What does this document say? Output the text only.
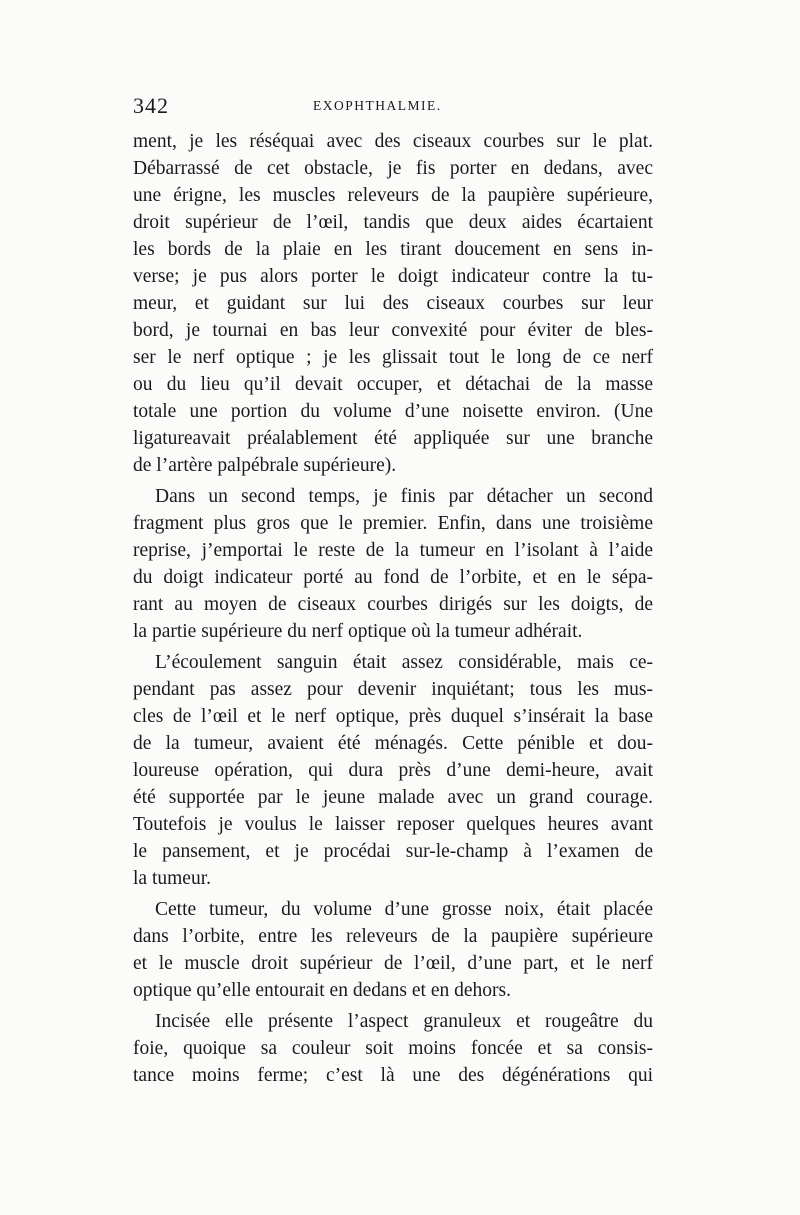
342	EXOPHTHALMIE.
ment, je les réséquai avec des ciseaux courbes sur le plat.
Débarrassé de cet obstacle, je fis porter en dedans, avec
une érigne, les muscles releveurs de la paupière supérieure,
droit supérieur de l’œil, tandis que deux aides écartaient
les bords de la plaie en les tirant doucement en sens in-
verse; je pus alors porter le doigt indicateur contre la tu-
meur, et guidant sur lui des ciseaux courbes sur leur
bord, je tournai en bas leur convexité pour éviter de bles-
ser le nerf optique ; je les glissait tout le long de ce nerf
ou du lieu qu’il devait occuper, et détachai de la masse
totale une portion du volume d’une noisette environ. (Une
ligatureavait préalablement été appliquée sur une branche
de l’artère palpébrale supérieure).
Dans un second temps, je finis par détacher un second
fragment plus gros que le premier. Enfin, dans une troisième
reprise, j’emportai le reste de la tumeur en l’isolant à l’aide
du doigt indicateur porté au fond de l’orbite, et en le sépa-
rant au moyen de ciseaux courbes dirigés sur les doigts, de
la partie supérieure du nerf optique où la tumeur adhérait.
L’écoulement sanguin était assez considérable, mais ce-
pendant pas assez pour devenir inquiétant; tous les mus-
cles de l’œil et le nerf optique, près duquel s’insérait la base
de la tumeur, avaient été ménagés. Cette pénible et dou-
loureuse opération, qui dura près d’une demi-heure, avait
été supportée par le jeune malade avec un grand courage.
Toutefois je voulus le laisser reposer quelques heures avant
le pansement, et je procédai sur-le-champ à l’examen de
la tumeur.
Cette tumeur, du volume d’une grosse noix, était placée
dans l’orbite, entre les releveurs de la paupière supérieure
et le muscle droit supérieur de l’œil, d’une part, et le nerf
optique qu’elle entourait en dedans et en dehors.
Incisée elle présente l’aspect granuleux et rougeâtre du
foie, quoique sa couleur soit moins foncée et sa consis-
tance moins ferme; c’est là une des dégénérations qui
